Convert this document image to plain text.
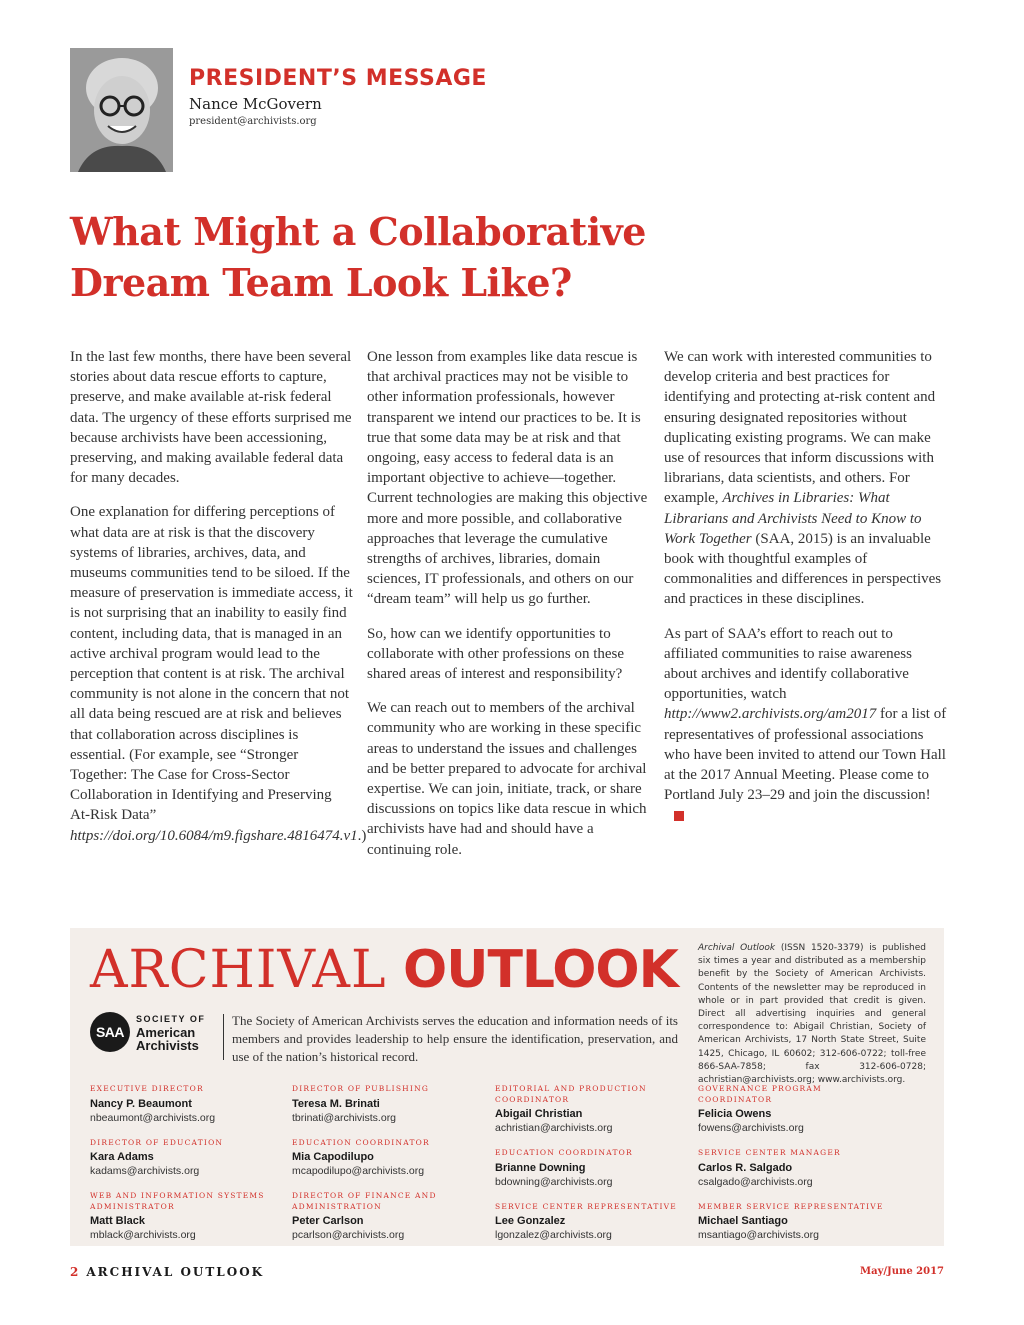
PRESIDENT’S MESSAGE
Nance McGovern
president@archivists.org
What Might a Collaborative
Dream Team Look Like?

In the last few months, there have been several stories about data rescue efforts to capture, preserve, and make available at-risk federal data. The urgency of these efforts surprised me because archivists have been accessioning, preserving, and making available federal data for many decades.

One explanation for differing perceptions of what data are at risk is that the discovery systems of libraries, archives, data, and museums communities tend to be siloed. If the measure of preservation is immediate access, it is not surprising that an inability to easily find content, including data, that is managed in an active archival program would lead to the perception that content is at risk. The archival community is not alone in the concern that not all data being rescued are at risk and believes that collaboration across disciplines is essential. (For example, see “Stronger Together: The Case for Cross-Sector Collaboration in Identifying and Preserving At-Risk Data” https://doi.org/10.6084/m9.figshare.4816474.v1.)

One lesson from examples like data rescue is that archival practices may not be visible to other information professionals, however transparent we intend our practices to be. It is true that some data may be at risk and that ongoing, easy access to federal data is an important objective to achieve—together. Current technologies are making this objective more and more possible, and collaborative approaches that leverage the cumulative strengths of archives, libraries, domain sciences, IT professionals, and others on our “dream team” will help us go further.

So, how can we identify opportunities to collaborate with other professions on these shared areas of interest and responsibility?

We can reach out to members of the archival community who are working in these specific areas to understand the issues and challenges and be better prepared to advocate for archival expertise. We can join, initiate, track, or share discussions on topics like data rescue in which archivists have had and should have a continuing role.

We can work with interested communities to develop criteria and best practices for identifying and protecting at-risk content and ensuring designated repositories without duplicating existing programs. We can make use of resources that inform discussions with librarians, data scientists, and others. For example, Archives in Libraries: What Librarians and Archivists Need to Know to Work Together (SAA, 2015) is an invaluable book with thoughtful examples of commonalities and differences in perspectives and practices in these disciplines.

As part of SAA’s effort to reach out to affiliated communities to raise awareness about archives and identify collaborative opportunities, watch http://www2.archivists.org/am2017 for a list of representatives of professional associations who have been invited to attend our Town Hall at the 2017 Annual Meeting. Please come to Portland July 23–29 and join the discussion!

ARCHIVAL OUTLOOK
SAA
SOCIETY OF
American
Archivists
The Society of American Archivists serves the education and information needs of its members and provides leadership to help ensure the identification, preservation, and use of the nation’s historical record.
Archival Outlook (ISSN 1520-3379) is published six times a year and distributed as a membership benefit by the Society of American Archivists. Contents of the newsletter may be reproduced in whole or in part provided that credit is given. Direct all advertising inquiries and general correspondence to: Abigail Christian, Society of American Archivists, 17 North State Street, Suite 1425, Chicago, IL 60602; 312-606-0722; toll-free 866-SAA-7858; fax 312-606-0728; achristian@archivists.org; www.archivists.org.
EXECUTIVE DIRECTOR
Nancy P. Beaumont
nbeaumont@archivists.org
DIRECTOR OF EDUCATION
Kara Adams
kadams@archivists.org
WEB AND INFORMATION SYSTEMS ADMINISTRATOR
Matt Black
mblack@archivists.org
DIRECTOR OF PUBLISHING
Teresa M. Brinati
tbrinati@archivists.org
EDUCATION COORDINATOR
Mia Capodilupo
mcapodilupo@archivists.org
DIRECTOR OF FINANCE AND ADMINISTRATION
Peter Carlson
pcarlson@archivists.org
EDITORIAL AND PRODUCTION COORDINATOR
Abigail Christian
achristian@archivists.org
EDUCATION COORDINATOR
Brianne Downing
bdowning@archivists.org
SERVICE CENTER REPRESENTATIVE
Lee Gonzalez
lgonzalez@archivists.org
GOVERNANCE PROGRAM COORDINATOR
Felicia Owens
fowens@archivists.org
SERVICE CENTER MANAGER
Carlos R. Salgado
csalgado@archivists.org
MEMBER SERVICE REPRESENTATIVE
Michael Santiago
msantiago@archivists.org
2 ARCHIVAL OUTLOOK	May/June 2017
